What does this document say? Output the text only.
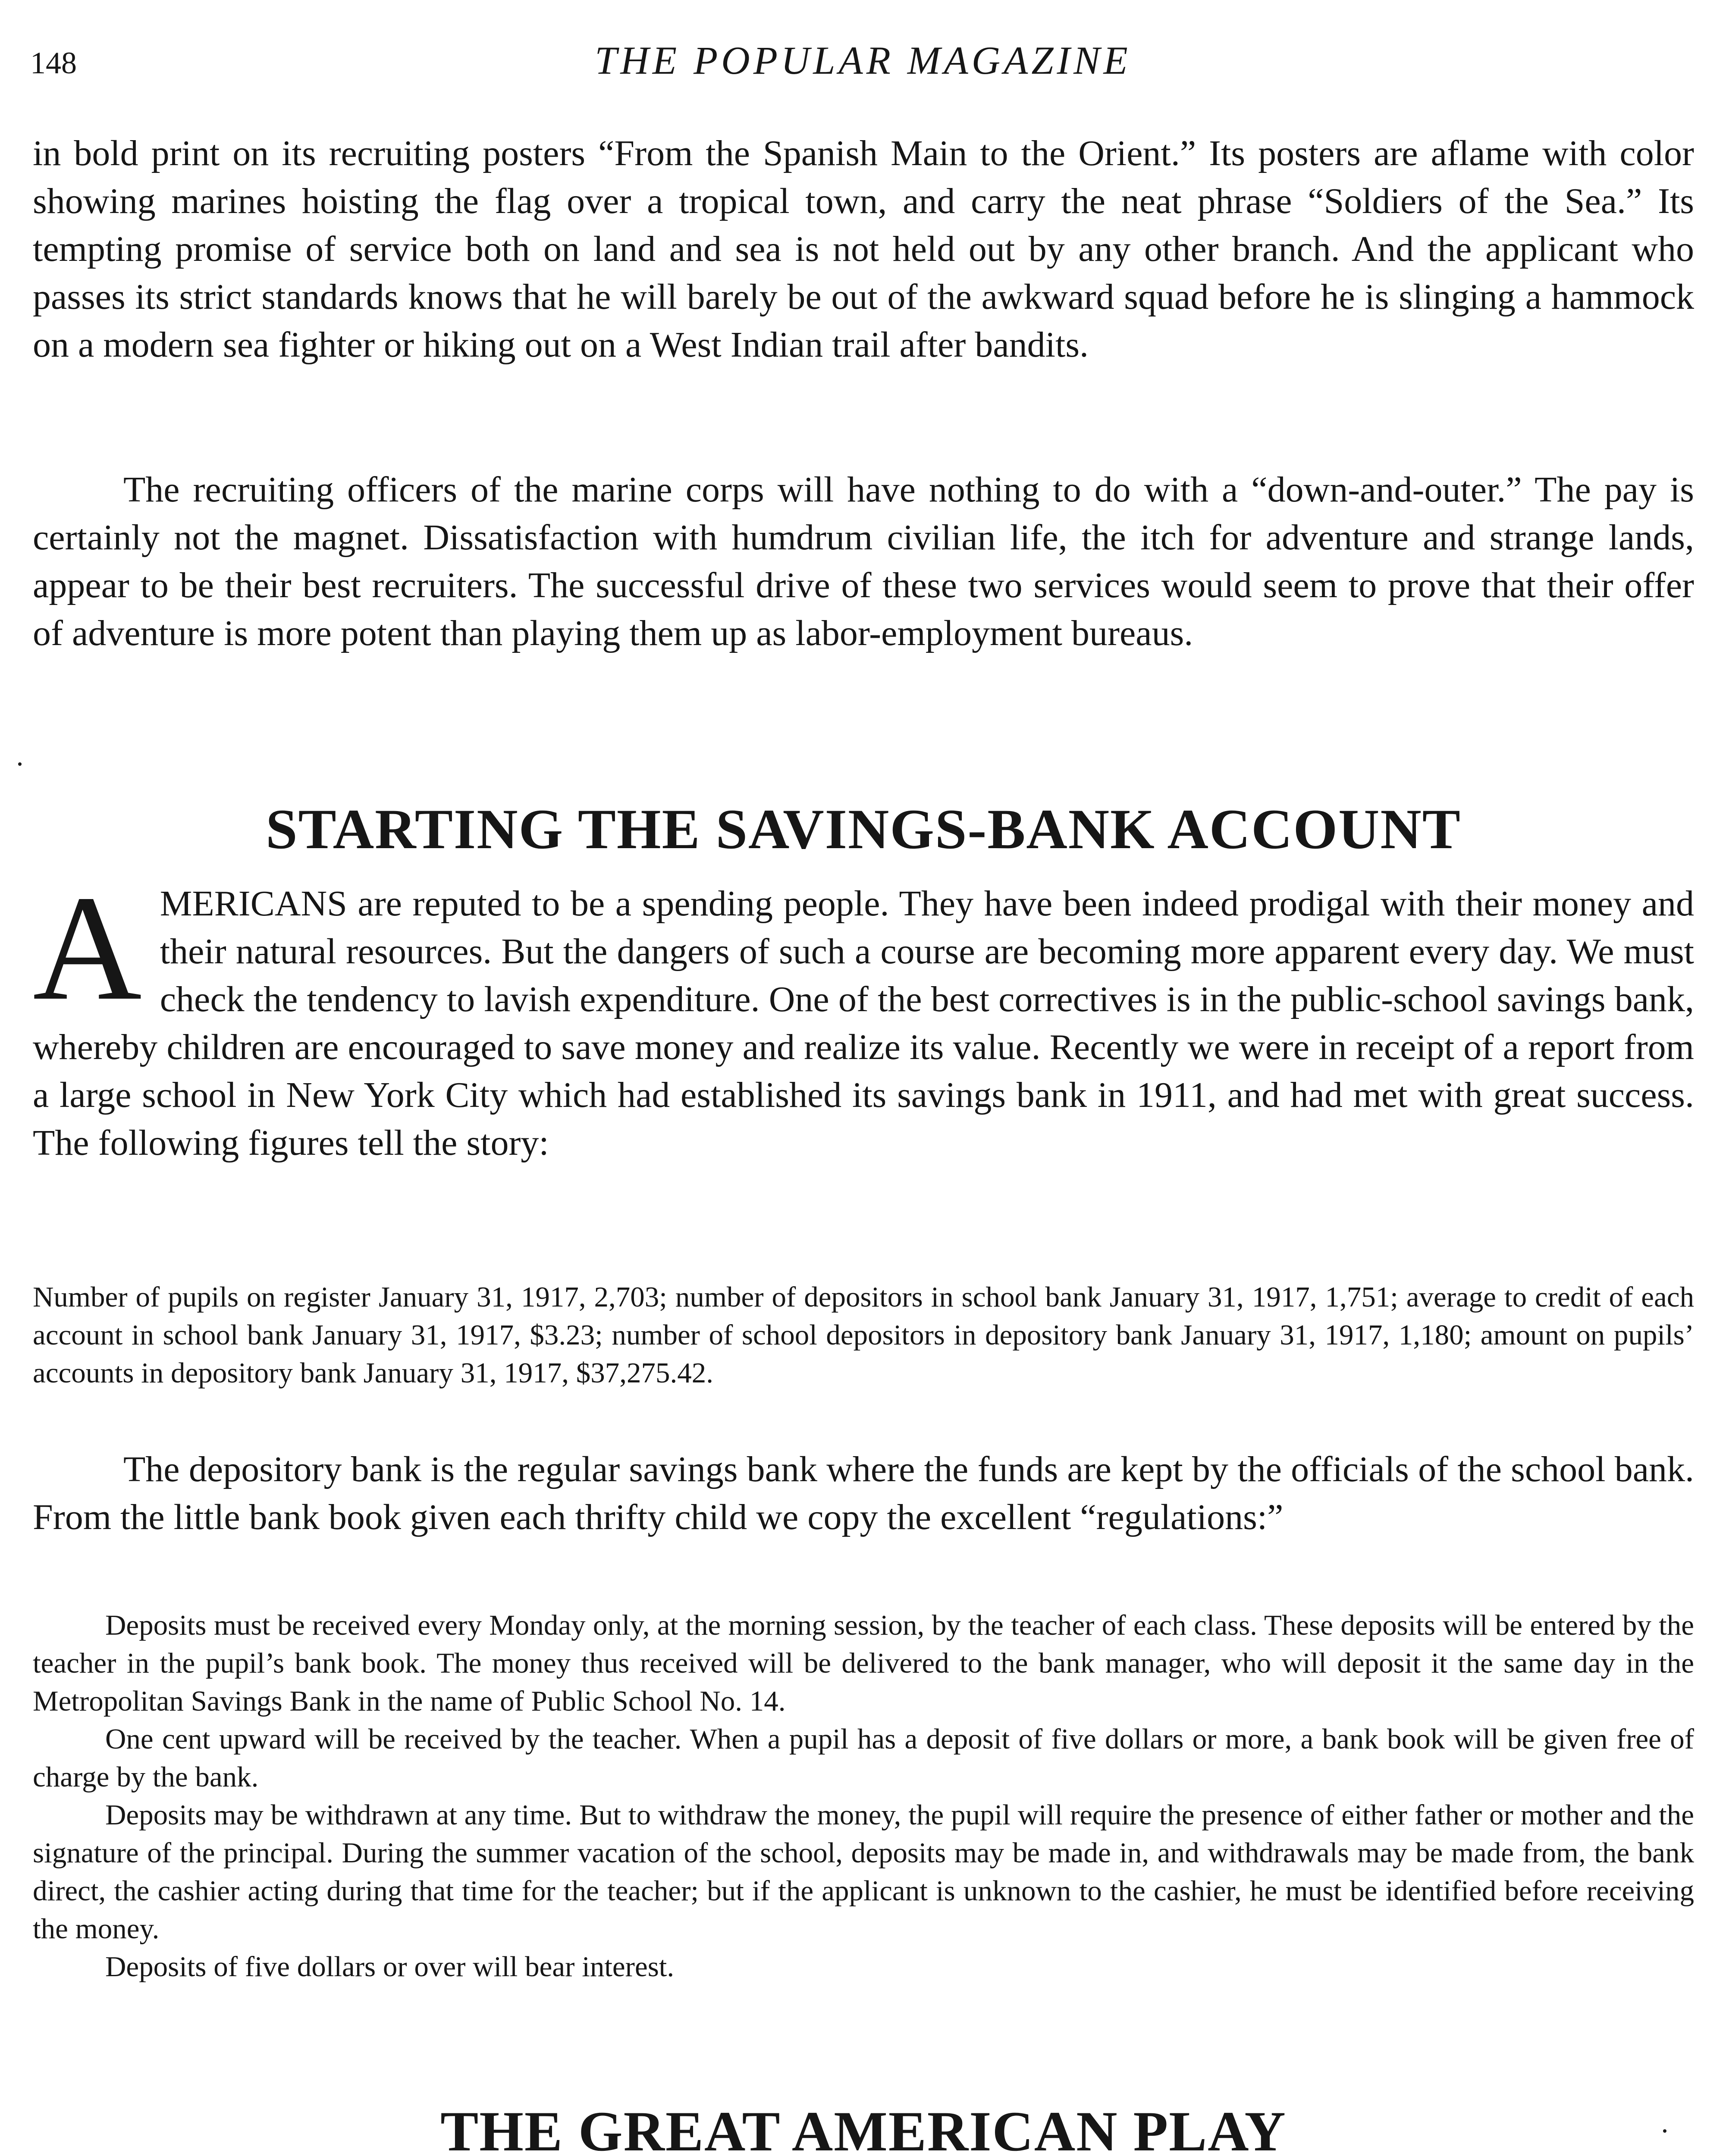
148	THE POPULAR MAGAZINE

in bold print on its recruiting posters “From the Spanish Main to the Orient.” Its posters are aflame with color showing marines hoisting the flag over a tropical town, and carry the neat phrase “Soldiers of the Sea.” Its tempting promise of service both on land and sea is not held out by any other branch. And the applicant who passes its strict standards knows that he will barely be out of the awkward squad before he is slinging a hammock on a modern sea fighter or hiking out on a West Indian trail after bandits.

The recruiting officers of the marine corps will have nothing to do with a “down-and-outer.” The pay is certainly not the magnet. Dissatisfaction with humdrum civilian life, the itch for adventure and strange lands, appear to be their best recruiters. The successful drive of these two services would seem to prove that their offer of adventure is more potent than playing them up as labor-employment bureaus.

STARTING THE SAVINGS-BANK ACCOUNT
A MERICANS are reputed to be a spending people. They have been indeed prodigal with their money and their natural resources. But the dangers of such a course are becoming more apparent every day. We must check the tendency to lavish expenditure. One of the best correctives is in the public-school savings bank, whereby children are encouraged to save money and realize its value. Recently we were in receipt of a report from a large school in New York City which had established its savings bank in 1911, and had met with great success. The following figures tell the story:

Number of pupils on register January 31, 1917, 2,703; number of depositors in school bank January 31, 1917, 1,751; average to credit of each account in school bank January 31, 1917, $3.23; number of school depositors in depository bank January 31, 1917, 1,180; amount on pupils’ accounts in depository bank January 31, 1917, $37,275.42.

The depository bank is the regular savings bank where the funds are kept by the officials of the school bank. From the little bank book given each thrifty child we copy the excellent “regulations:”

Deposits must be received every Monday only, at the morning session, by the teacher of each class. These deposits will be entered by the teacher in the pupil’s bank book. The money thus received will be delivered to the bank manager, who will deposit it the same day in the Metropolitan Savings Bank in the name of Public School No. 14.

One cent upward will be received by the teacher. When a pupil has a deposit of five dollars or more, a bank book will be given free of charge by the bank.

Deposits may be withdrawn at any time. But to withdraw the money, the pupil will require the presence of either father or mother and the signature of the principal. During the summer vacation of the school, deposits may be made in, and withdrawals may be made from, the bank direct, the cashier acting during that time for the teacher; but if the applicant is unknown to the cashier, he must be identified before receiving the money.

Deposits of five dollars or over will bear interest.

THE GREAT AMERICAN PLAY
